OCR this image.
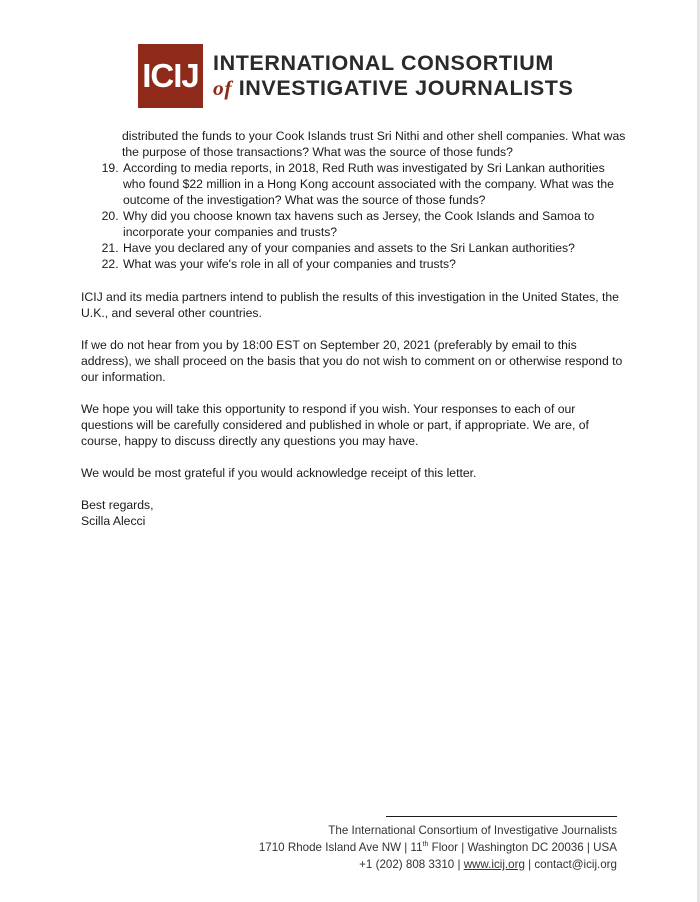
ICIJ INTERNATIONAL CONSORTIUM
of INVESTIGATIVE JOURNALISTS

distributed the funds to your Cook Islands trust Sri Nithi and other shell companies. What was the purpose of those transactions? What was the source of those funds?

19. According to media reports, in 2018, Red Ruth was investigated by Sri Lankan authorities who found $22 million in a Hong Kong account associated with the company. What was the outcome of the investigation? What was the source of those funds?
20. Why did you choose known tax havens such as Jersey, the Cook Islands and Samoa to incorporate your companies and trusts?
21. Have you declared any of your companies and assets to the Sri Lankan authorities?
22. What was your wife's role in all of your companies and trusts?

ICIJ and its media partners intend to publish the results of this investigation in the United States, the U.K., and several other countries.

If we do not hear from you by 18:00 EST on September 20, 2021 (preferably by email to this address), we shall proceed on the basis that you do not wish to comment on or otherwise respond to our information.

We hope you will take this opportunity to respond if you wish. Your responses to each of our questions will be carefully considered and published in whole or part, if appropriate. We are, of course, happy to discuss directly any questions you may have.

We would be most grateful if you would acknowledge receipt of this letter.

Best regards,
Scilla Alecci
The International Consortium of Investigative Journalists
1710 Rhode Island Ave NW | 11th Floor | Washington DC 20036 | USA
+1 (202) 808 3310 | www.icij.org | contact@icij.org
